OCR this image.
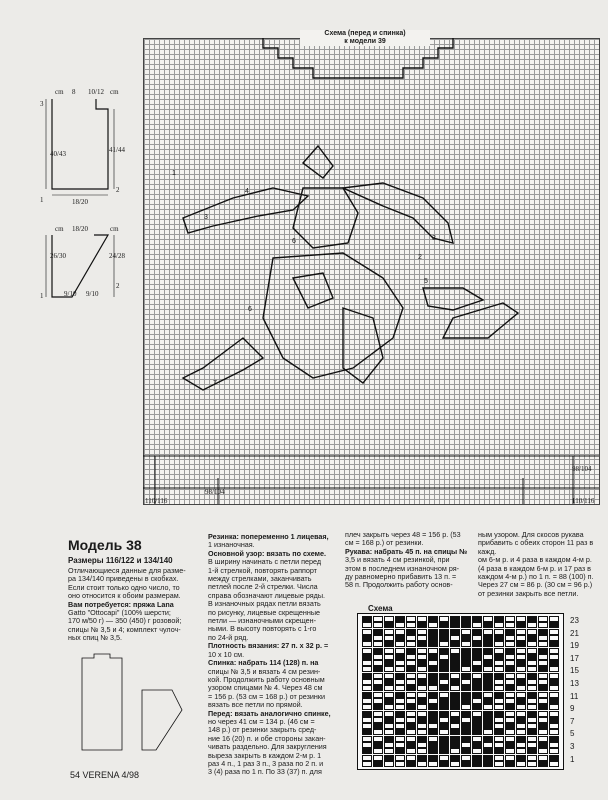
cm 8 10/12 cm
3
40/43	41/44
18/20
2
1
cm 18/20	cm
26/30	24/28
9/10 9/10
2
1
Схема (перед и спинка)
к модели 39
98/104
110/116
98/104
110/116
1
4
3
3
2
5
6
6
7
Модель 38
Размеры 116/122 и 134/140

Отличающиеся данные для разме-

ра 134/140 приведены в скобках.

Если стоит только одно число, то

оно относится к обоим размерам.

Вам потребуется: пряжа Lana

Gatto "Ottocapi" (100% шерсти;

170 м/50 г) — 350 (450) г розовой;

спицы № 3,5 и 4; комплект чулоч-

ных спиц № 3,5.

Резинка: попеременно 1 лицевая,

1 изнаночная.

Основной узор: вязать по схеме.

В ширину начинать с петли перед

1-й стрелкой, повторять раппорт

между стрелками, заканчивать

петлей после 2-й стрелки. Числа

справа обозначают лицевые ряды.

В изнаночных рядах петли вязать

по рисунку, лицевые скрещенные

петли — изнаночными скрещен-

ными. В высоту повторять с 1-го

по 24-й ряд.

Плотность вязания: 27 п. x 32 р. =

10 x 10 см.

Спинка: набрать 114 (128) п. на

спицы № 3,5 и вязать 4 см резин-

кой. Продолжить работу основным

узором спицами № 4. Через 48 см

= 156 р. (53 см = 168 р.) от резинки

вязать все петли по прямой.

Перед: вязать аналогично спинке,

но через 41 см = 134 р. (46 см =

148 р.) от резинки закрыть сред-

ние 16 (20) п. и обе стороны закан-

чивать раздельно. Для закругления

выреза закрыть в каждом 2-м р. 1

раз 4 п., 1 раз 3 п., 3 раза по 2 п. и

3 (4) раза по 1 п. По 33 (37) п. для

плеч закрыть через 48 = 156 р. (53

см = 168 р.) от резинки.

Рукава: набрать 45 п. на спицы №

3,5 и вязать 4 см резинкой, при

этом в последнем изнаночном ря-

ду равномерно прибавить 13 п. =

58 п. Продолжить работу основ-

ным узором. Для скосов рукава

прибавить с обеих сторон 11 раз в кажд.

ом 6-м р. и 4 раза в каждом 4-м р.

(4 раза в каждом 6-м р. и 17 раз в

каждом 4-м р.) по 1 п. = 88 (100) п.

Через 27 см = 86 р. (30 см = 96 р.)

от резинки закрыть все петли.

Схема
23
21
19
17
15
13
11
9
7
5
3
1
54 VERENA 4/98
